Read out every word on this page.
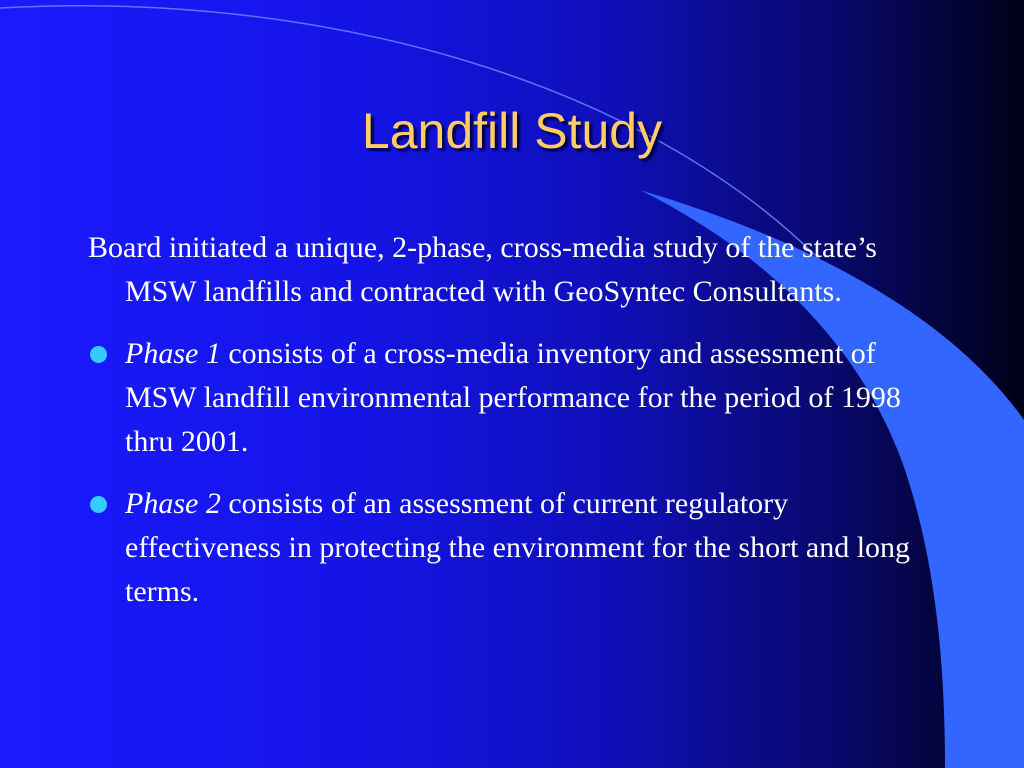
Landfill Study

Board initiated a unique, 2-phase, cross-media study of the state’s MSW landfills and contracted with GeoSyntec Consultants.

Phase 1 consists of a cross-media inventory and assessment of MSW landfill environmental performance for the period of 1998 thru 2001.
Phase 2 consists of an assessment of current regulatory effectiveness in protecting the environment for the short and long terms.
